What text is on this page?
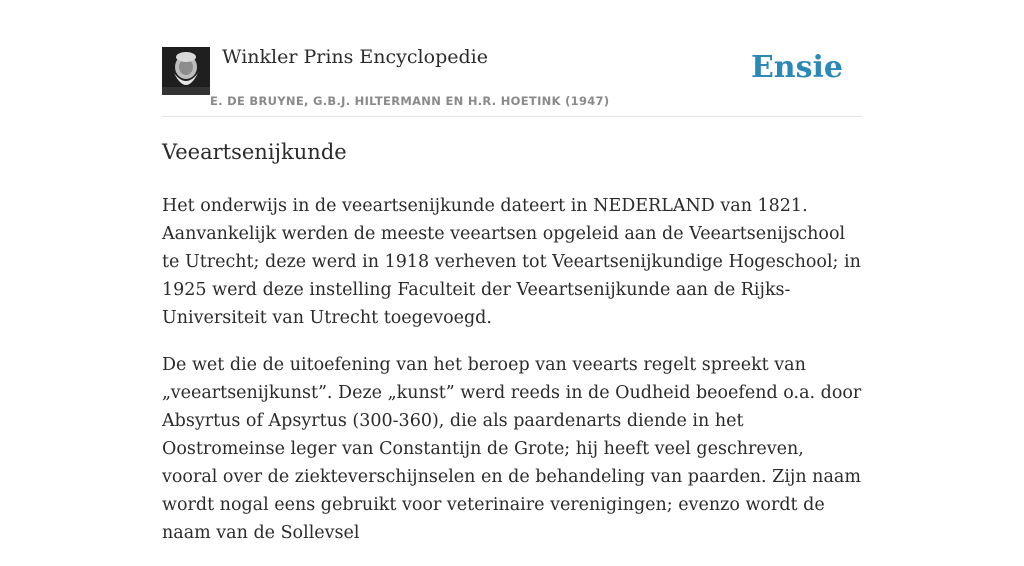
Winkler Prins Encyclopedie
E. DE BRUYNE, G.B.J. HILTERMANN EN H.R. HOETINK (1947)
Ensie
Veeartsenijkunde

Het onderwijs in de veeartsenijkunde dateert in NEDERLAND van 1821. Aanvankelijk werden de meeste veeartsen opgeleid aan de Veeartsenijschool te Utrecht; deze werd in 1918 verheven tot Veeartsenijkundige Hogeschool; in 1925 werd deze instelling Faculteit der Veeartsenijkunde aan de Rijks-Universiteit van Utrecht toegevoegd.

De wet die de uitoefening van het beroep van veearts regelt spreekt van „veeartsenijkunst”. Deze „kunst” werd reeds in de Oudheid beoefend o.a. door Absyrtus of Apsyrtus (300-360), die als paardenarts diende in het Oostromeinse leger van Constantijn de Grote; hij heeft veel geschreven, vooral over de ziekteverschijnselen en de behandeling van paarden. Zijn naam wordt nogal eens gebruikt voor veterinaire verenigingen; evenzo wordt de naam van de Sollevsel
